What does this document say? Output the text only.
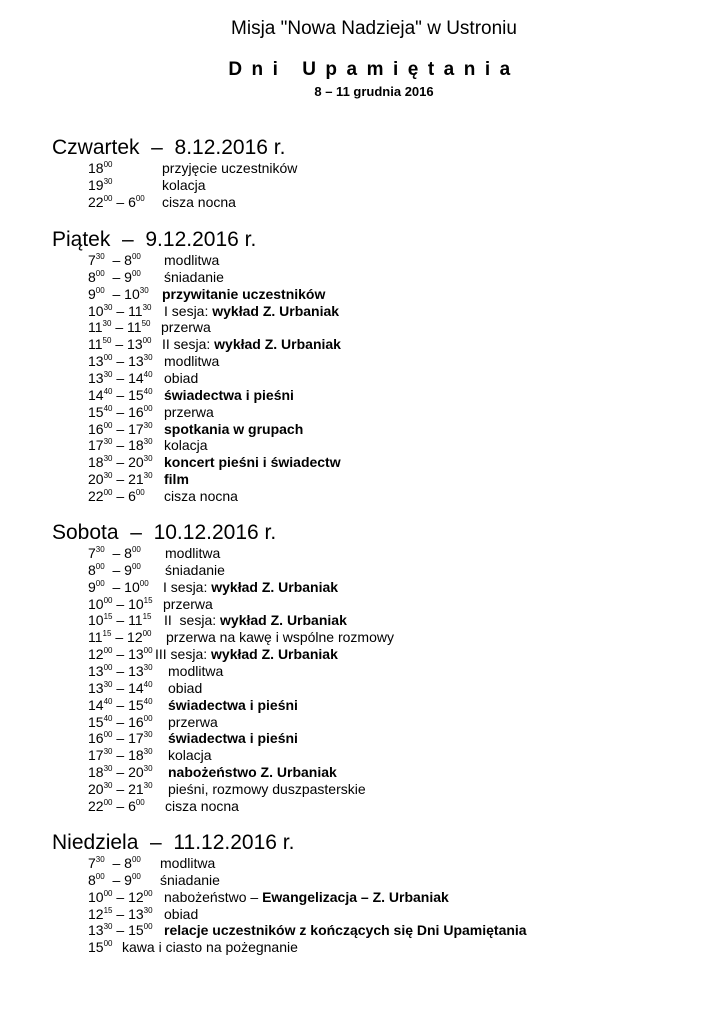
Misja "Nowa Nadzieja" w Ustroniu
Dni Upamiętania
8 – 11 grudnia 2016
Czwartek  –  8.12.2016 r.
$18^{00}$	przyjęcie uczestników
$19^{30}$	kolacja
$22^{00} - 6^{00}$ cisza nocna
Piątek  –  9.12.2016 r.
$7^{30} - 8^{00}$ modlitwa
$8^{00} - 9^{00}$ śniadanie
$9^{00} - 10^{30}$ przywitanie uczestników
$10^{30} - 11^{30}$ I sesja: wykład Z. Urbaniak
$11^{30} - 11^{50}$ przerwa
$11^{50} - 13^{00}$ II sesja: wykład Z. Urbaniak
$13^{00} - 13^{30}$ modlitwa
$13^{30} - 14^{40}$ obiad
$14^{40} - 15^{40}$ świadectwa i pieśni
$15^{40} - 16^{00}$ przerwa
$16^{00} - 17^{30}$ spotkania w grupach
$17^{30} - 18^{30}$ kolacja
$18^{30} - 20^{30}$ koncert pieśni i świadectw
$20^{30} - 21^{30}$ film
$22^{00} - 6^{00}$ cisza nocna
Sobota  –  10.12.2016 r.
$7^{30} - 8^{00}$ modlitwa
$8^{00} - 9^{00}$ śniadanie
$9^{00} - 10^{00}$ I sesja: wykład Z. Urbaniak
$10^{00} - 10^{15}$ przerwa
$10^{15} - 11^{15}$ II  sesja: wykład Z. Urbaniak
$11^{15} - 12^{00}$ przerwa na kawę i wspólne rozmowy
$12^{00} - 13^{00}$ III sesja: wykład Z. Urbaniak
$13^{00} - 13^{30}$ modlitwa
$13^{30} - 14^{40}$ obiad
$14^{40} - 15^{40}$ świadectwa i pieśni
$15^{40} - 16^{00}$ przerwa
$16^{00} - 17^{30}$ świadectwa i pieśni
$17^{30} - 18^{30}$ kolacja
$18^{30} - 20^{30}$ nabożeństwo Z. Urbaniak
$20^{30} - 21^{30}$ pieśni, rozmowy duszpasterskie
$22^{00} - 6^{00}$ cisza nocna
Niedziela  –  11.12.2016 r.
$7^{30} - 8^{00}$ modlitwa
$8^{00} - 9^{00}$ śniadanie
$10^{00} - 12^{00}$ nabożeństwo – Ewangelizacja – Z. Urbaniak
$12^{15} - 13^{30}$ obiad
$13^{30} - 15^{00}$ relacje uczestników z kończących się Dni Upamiętania
$15^{00}$ kawa i ciasto na pożegnanie
